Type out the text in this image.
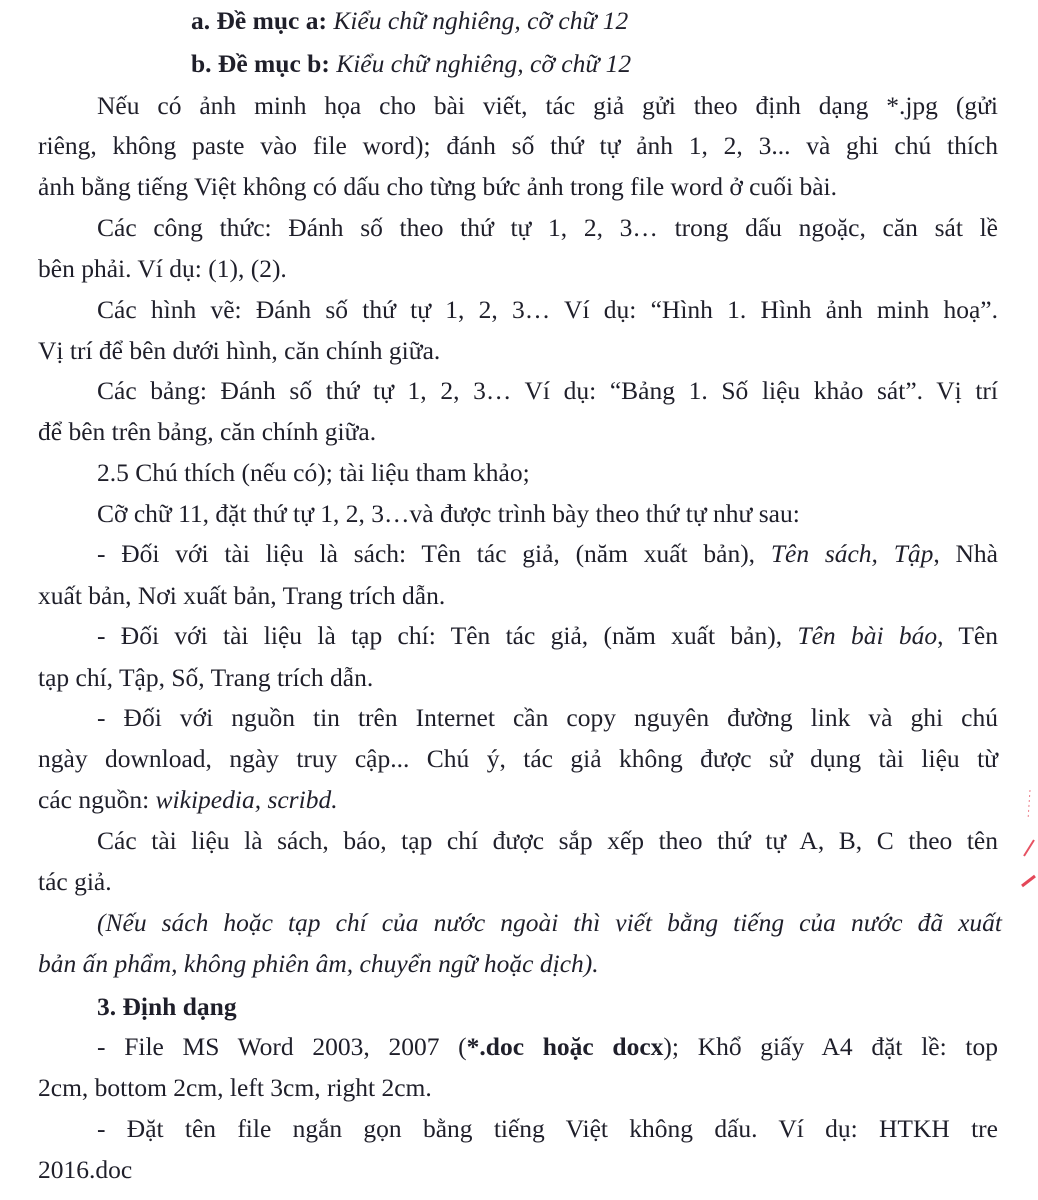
a. Đề mục a: Kiểu chữ nghiêng, cỡ chữ 12
b. Đề mục b: Kiểu chữ nghiêng, cỡ chữ 12
Nếu có ảnh minh họa cho bài viết, tác giả gửi theo định dạng *.jpg (gửi
riêng, không paste vào file word); đánh số thứ tự ảnh 1, 2, 3... và ghi chú thích
ảnh bằng tiếng Việt không có dấu cho từng bức ảnh trong file word ở cuối bài.
Các công thức: Đánh số theo thứ tự 1, 2, 3… trong dấu ngoặc, căn sát lề
bên phải. Ví dụ: (1), (2).
Các hình vẽ: Đánh số thứ tự 1, 2, 3… Ví dụ: “Hình 1. Hình ảnh minh hoạ”.
Vị trí để bên dưới hình, căn chính giữa.
Các bảng: Đánh số thứ tự 1, 2, 3… Ví dụ: “Bảng 1. Số liệu khảo sát”. Vị trí
để bên trên bảng, căn chính giữa.
2.5 Chú thích (nếu có); tài liệu tham khảo;
Cỡ chữ 11, đặt thứ tự 1, 2, 3…và được trình bày theo thứ tự như sau:
- Đối với tài liệu là sách: Tên tác giả, (năm xuất bản), Tên sách, Tập, Nhà
xuất bản, Nơi xuất bản, Trang trích dẫn.
- Đối với tài liệu là tạp chí: Tên tác giả, (năm xuất bản), Tên bài báo, Tên
tạp chí, Tập, Số, Trang trích dẫn.
- Đối với nguồn tin trên Internet cần copy nguyên đường link và ghi chú
ngày download, ngày truy cập... Chú ý, tác giả không được sử dụng tài liệu từ
các nguồn: wikipedia, scribd.
Các tài liệu là sách, báo, tạp chí được sắp xếp theo thứ tự A, B, C theo tên
tác giả.
(Nếu sách hoặc tạp chí của nước ngoài thì viết bằng tiếng của nước đã xuất
bản ấn phẩm, không phiên âm, chuyển ngữ hoặc dịch).
3. Định dạng
- File MS Word 2003, 2007 (*.doc hoặc docx); Khổ giấy A4 đặt lề: top
2cm, bottom 2cm, left 3cm, right 2cm.
- Đặt tên file ngắn gọn bằng tiếng Việt không dấu. Ví dụ: HTKH tre
2016.doc
